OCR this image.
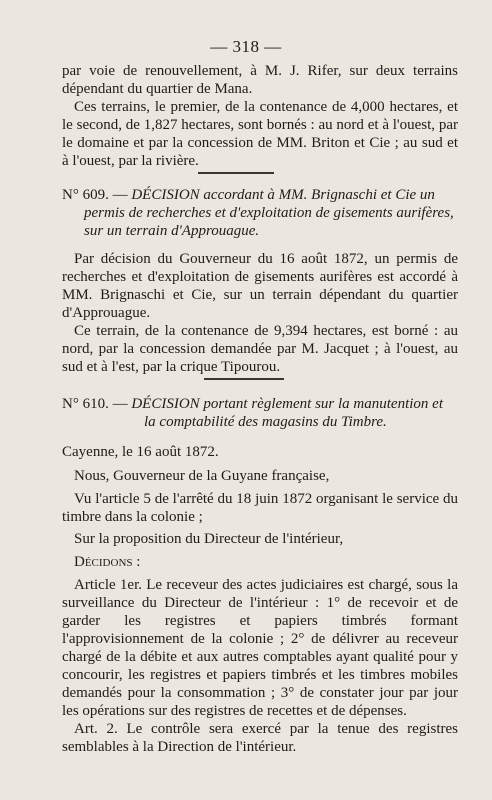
— 318 —

par voie de renouvellement, à M. J. Rifer, sur deux terrains dépendant du quartier de Mana.

Ces terrains, le premier, de la contenance de 4,000 hectares, et le second, de 1,827 hectares, sont bornés : au nord et à l'ouest, par le domaine et par la concession de MM. Briton et Cie ; au sud et à l'ouest, par la rivière.

N° 609. — DÉCISION accordant à MM. Brignaschi et Cie un
permis de recherches et d'exploitation de gisements aurifères, sur un terrain d'Approuague.

Par décision du Gouverneur du 16 août 1872, un permis de recherches et d'exploitation de gisements aurifères est accordé à MM. Brignaschi et Cie, sur un terrain dépendant du quartier d'Approuague.

Ce terrain, de la contenance de 9,394 hectares, est borné : au nord, par la concession demandée par M. Jacquet ; à l'ouest, au sud et à l'est, par la crique Tipourou.

N° 610. — DÉCISION portant règlement sur la manutention et
la comptabilité des magasins du Timbre.

Cayenne, le 16 août 1872.

Nous, Gouverneur de la Guyane française,

Vu l'article 5 de l'arrêté du 18 juin 1872 organisant le service du timbre dans la colonie ;

Sur la proposition du Directeur de l'intérieur,

Décidons :

Article 1er. Le receveur des actes judiciaires est chargé, sous la surveillance du Directeur de l'intérieur : 1° de recevoir et de garder les registres et papiers timbrés formant l'approvisionnement de la colonie ; 2° de délivrer au receveur chargé de la débite et aux autres comptables ayant qualité pour y concourir, les registres et papiers timbrés et les timbres mobiles demandés pour la consommation ; 3° de constater jour par jour les opérations sur des registres de recettes et de dépenses.

Art. 2. Le contrôle sera exercé par la tenue des registres semblables à la Direction de l'intérieur.
